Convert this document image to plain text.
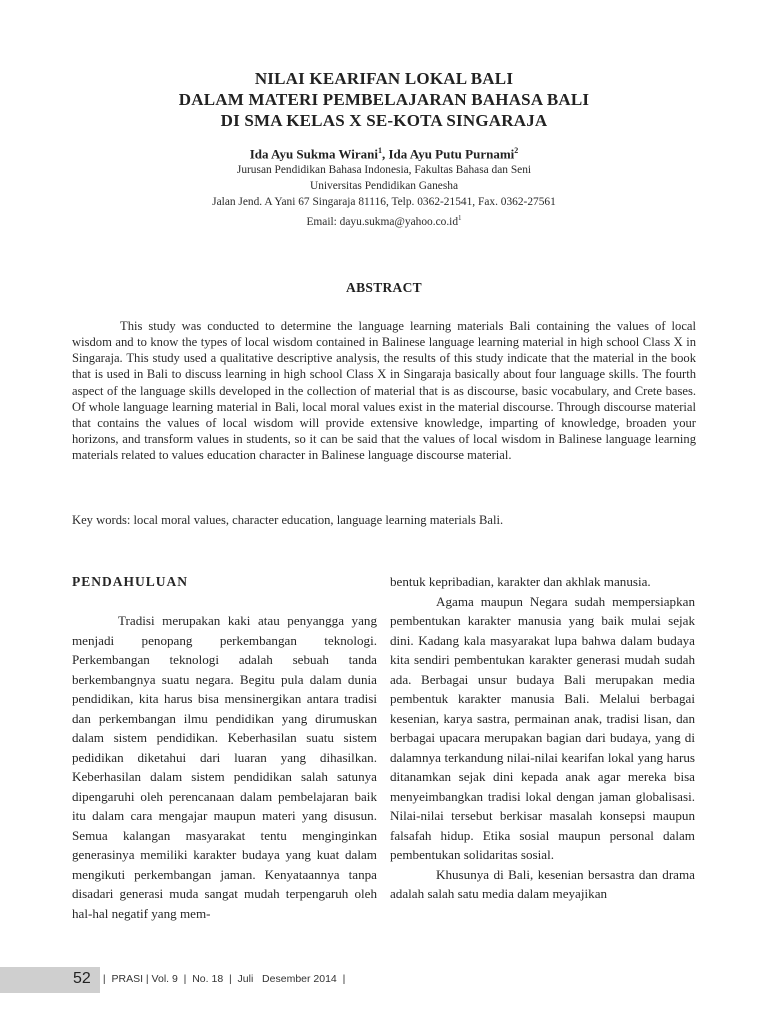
NILAI KEARIFAN LOKAL BALI
DALAM MATERI PEMBELAJARAN BAHASA BALI
DI SMA KELAS X SE-KOTA SINGARAJA
Ida Ayu Sukma Wirani$^1$, Ida Ayu Putu Purnami$^2$
Jurusan Pendidikan Bahasa Indonesia, Fakultas Bahasa dan Seni
Universitas Pendidikan Ganesha
Jalan Jend. A Yani 67 Singaraja 81116, Telp. 0362-21541, Fax. 0362-27561
Email: $dayu.sukma@yahoo.co.id^1$
ABSTRACT

This study was conducted to determine the language learning materials Bali containing the values of local wisdom and to know the types of local wisdom contained in Balinese language learning material in high school Class X in Singaraja. This study used a qualitative descriptive analysis, the results of this study indicate that the material in the book that is used in Bali to discuss learning in high school Class X in Singaraja basically about four language skills. The fourth aspect of the language skills developed in the collection of material that is as discourse, basic vocabulary, and Crete bases. Of whole language learning material in Bali, local moral values exist in the material discourse. Through discourse material that contains the values of local wisdom will provide extensive knowledge, imparting of knowledge, broaden your horizons, and transform values in students, so it can be said that the values of local wisdom in Balinese language learning materials related to values education character in Balinese language discourse material.

Key words: local moral values, character education, language learning materials Bali.
PENDAHULUAN

Tradisi merupakan kaki atau penyangga yang menjadi penopang perkembangan teknologi. Perkembangan teknologi adalah sebuah tanda berkembangnya suatu negara. Begitu pula dalam dunia pendidikan, kita harus bisa mensinergikan antara tradisi dan perkembangan ilmu pendidikan yang dirumuskan dalam sistem pendidikan. Keberhasilan suatu sistem pedidikan diketahui dari luaran yang dihasilkan. Keberhasilan dalam sistem pendidikan salah satunya dipengaruhi oleh perencanaan dalam pembelajaran baik itu dalam cara mengajar maupun materi yang disusun. Semua kalangan masyarakat tentu menginginkan generasinya memiliki karakter budaya yang kuat dalam mengikuti perkembangan jaman. Kenyataannya tanpa disadari generasi muda sangat mudah terpengaruh oleh hal-hal negatif yang mem-

bentuk kepribadian, karakter dan akhlak manusia.

Agama maupun Negara sudah mempersiapkan pembentukan karakter manusia yang baik mulai sejak dini. Kadang kala masyarakat lupa bahwa dalam budaya kita sendiri pembentukan karakter generasi mudah sudah ada. Berbagai unsur budaya Bali merupakan media pembentuk karakter manusia Bali. Melalui berbagai kesenian, karya sastra, permainan anak, tradisi lisan, dan berbagai upacara merupakan bagian dari budaya, yang di dalamnya terkandung nilai-nilai kearifan lokal yang harus ditanamkan sejak dini kepada anak agar mereka bisa menyeimbangkan tradisi lokal dengan jaman globalisasi. Nilai-nilai tersebut berkisar masalah konsepsi maupun falsafah hidup. Etika sosial maupun personal dalam pembentukan solidaritas sosial.

Khusunya di Bali, kesenian bersastra dan drama adalah salah satu media dalam meyajikan

52 |  PRASI | Vol. 9  |  No. 18  |  Juli   Desember 2014  |
